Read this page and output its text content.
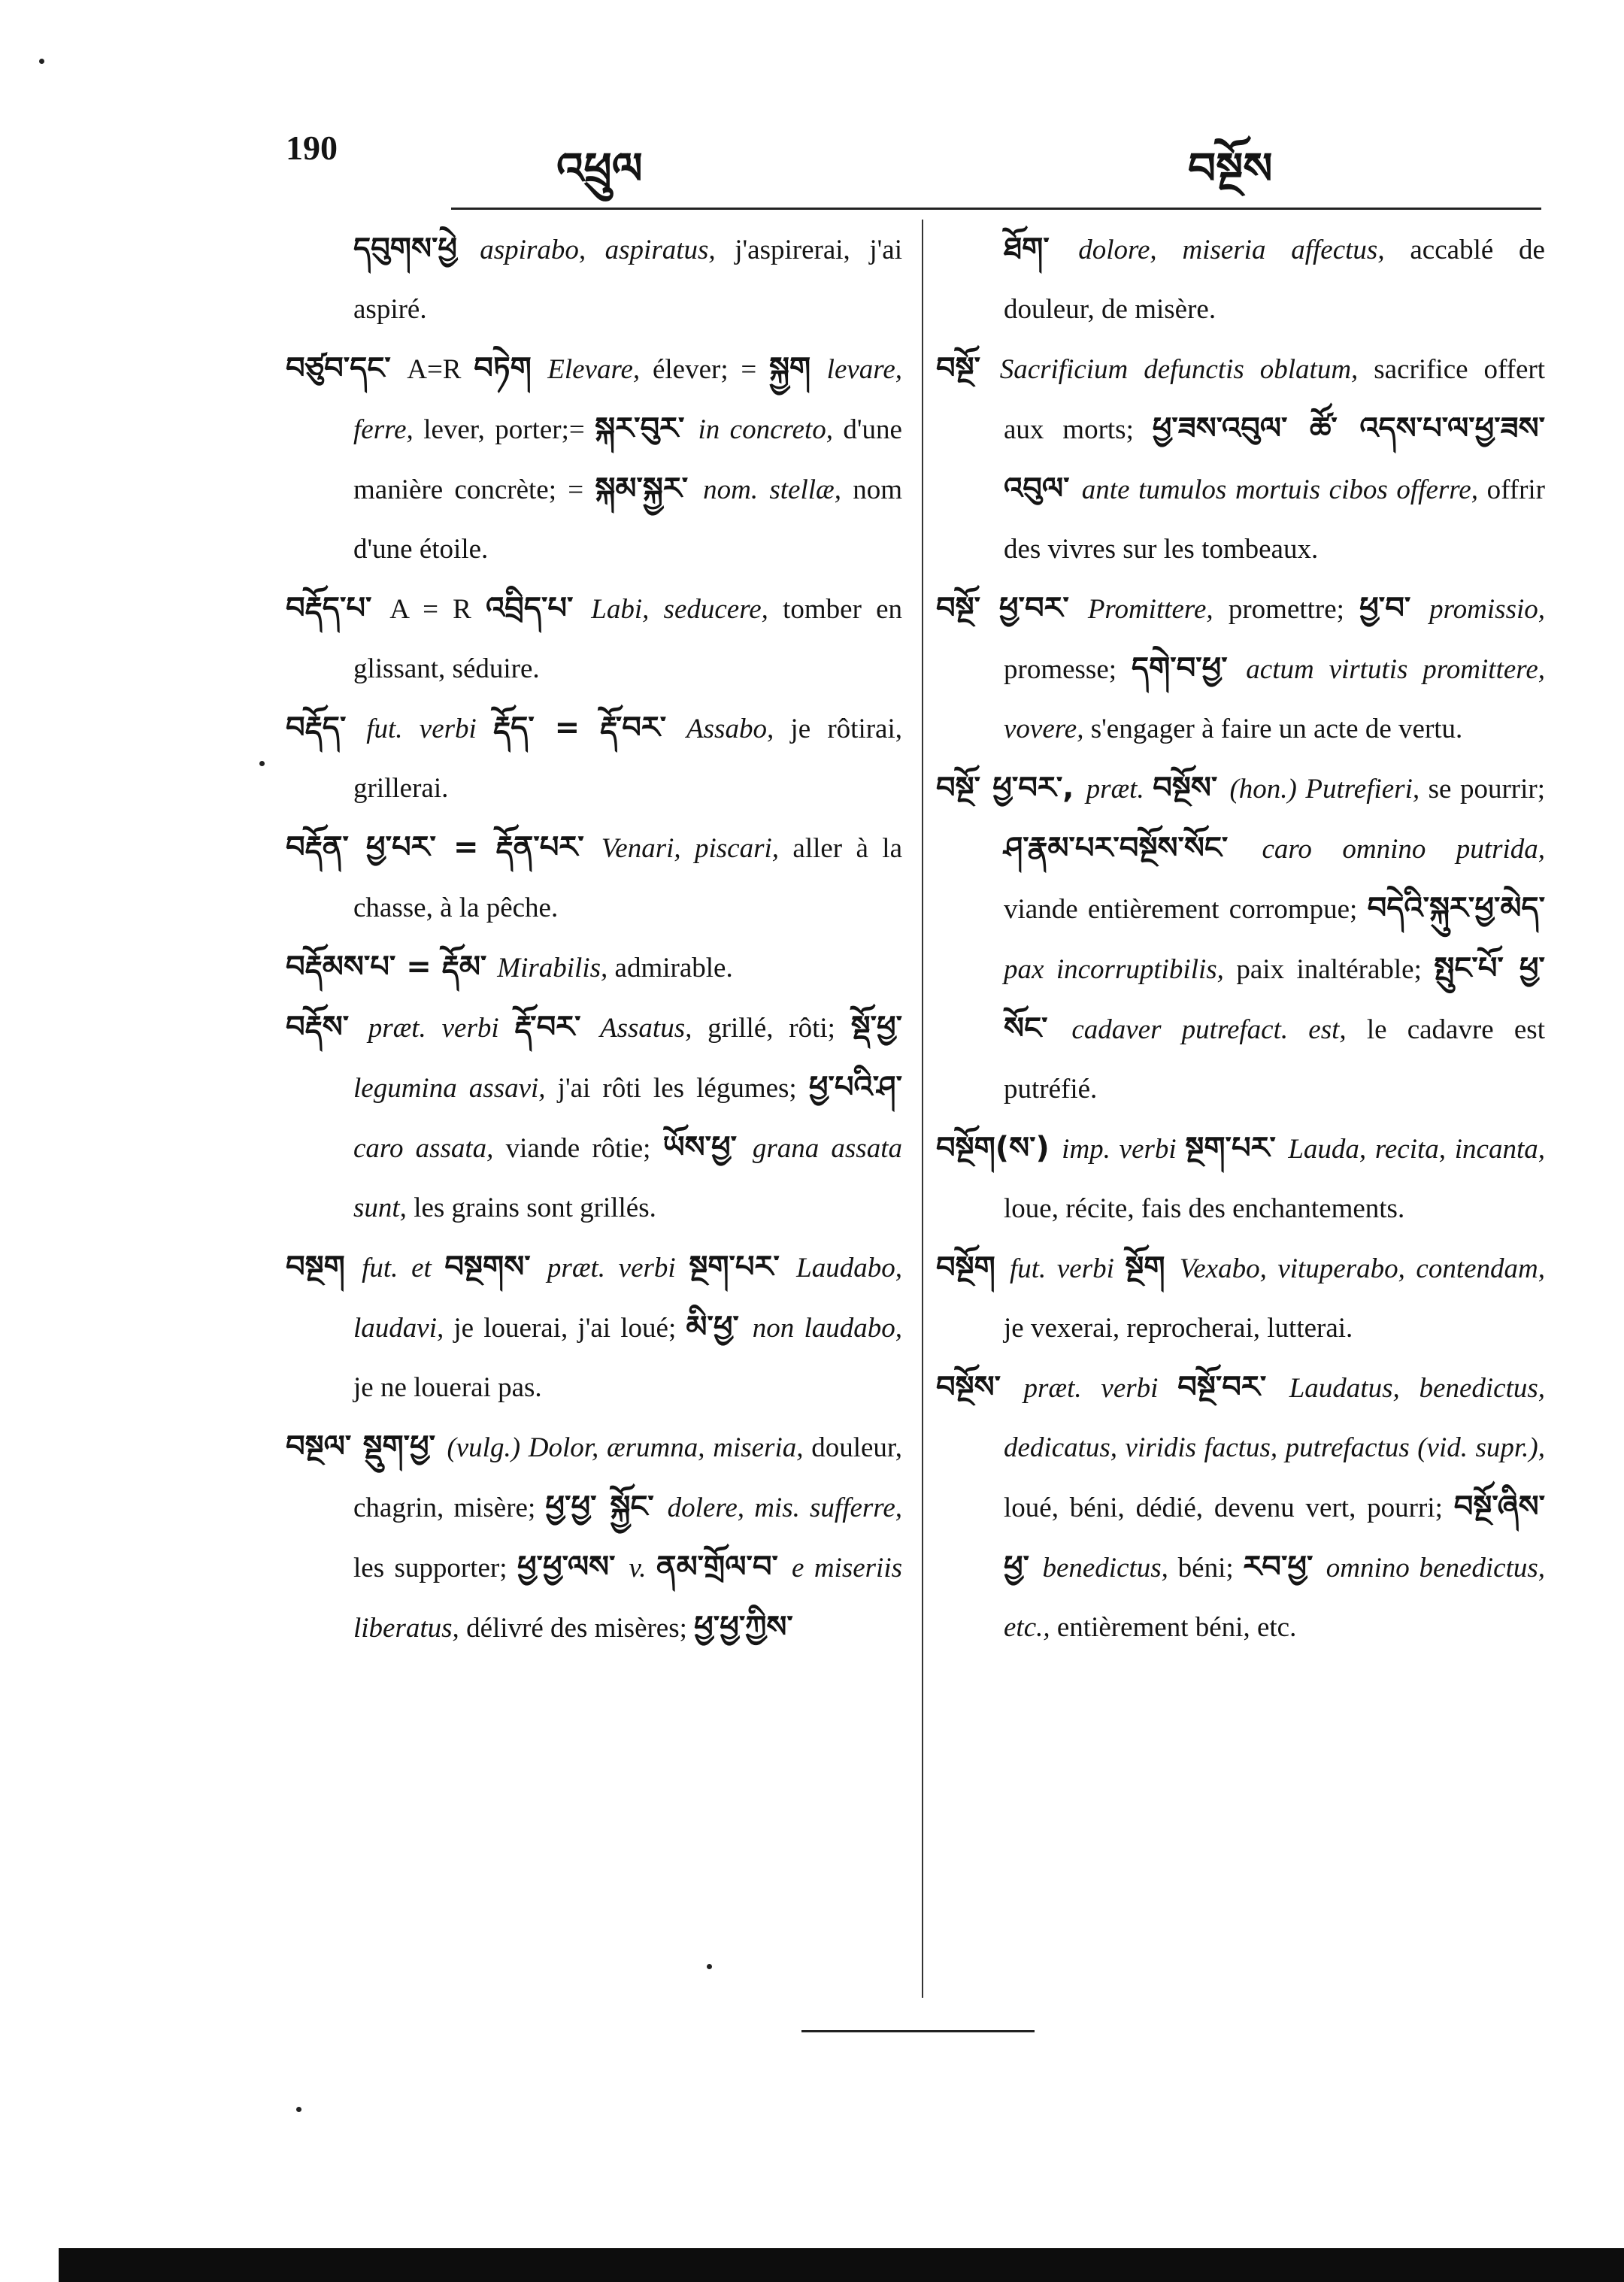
190	འཕྲུལ	བསྔོས

དབུགས་ཕྱེ aspirabo, aspiratus, j'aspirerai, j'ai aspiré.

བཙུབ་དང་ A=R བཏེག Elevare, élever; = སྐྱག levare, ferre, lever, porter;= སྐར་བུར་ in concreto, d'une manière concrète; = སྐམ་སྐྱར་ nom. stellæ, nom d'une étoile.

བརྡོད་པ་ A = R འབྲིད་པ་ Labi, seducere, tomber en glissant, séduire.

བརྡོད་ fut. verbi རྡོད་ = རྡོ་བར་ Assabo, je rôtirai, grillerai.

བརྡོན་ ཕྱ་པར་ = རྡོན་པར་ Venari, piscari, aller à la chasse, à la pêche.

བརྡོམས་པ་ = རྡོམ་ Mirabilis, admirable.

བརྡོས་ præt. verbi རྡོ་བར་ Assatus, grillé, rôti; སྡོ་ཕྱ་ legumina assavi, j'ai rôti les légumes; ཕྱ་པའི་ཤ་ caro assata, viande rôtie; ཡོས་ཕྱ་ grana assata sunt, les grains sont grillés.

བསྔག fut. et བསྔགས་ præt. verbi སྔག་པར་ Laudabo, laudavi, je louerai, j'ai loué; མི་ཕྱ་ non laudabo, je ne louerai pas.

བསྔལ་ སྡུག་ཕྱ་ (vulg.) Dolor, ærumna, miseria, douleur, chagrin, misère; ཕྱ་ཕྱ་ སྐྱོང་ dolere, mis. sufferre, les supporter; ཕྱ་ཕྱ་ལས་ v. ནམ་གྲོལ་བ་ e miseriis liberatus, délivré des misères; ཕྱ་ཕྱ་ཀྱིས་

ཐོག་ dolore, miseria affectus, accablé de douleur, de misère.

བསྔོ་ Sacrificium defunctis oblatum, sacrifice offert aux morts; ཕྱ་ཟས་འབུལ་ ཚོ་ འདས་པ་ལ་ཕྱ་ཟས་འབུལ་ ante tumulos mortuis cibos offerre, offrir des vivres sur les tombeaux.

བསྔོ་ ཕྱ་བར་ Promittere, promettre; ཕྱ་བ་ promissio, promesse; དགེ་བ་ཕྱ་ actum virtutis promittere, vovere, s'engager à faire un acte de vertu.

བསྔོ་ ཕྱ་བར་, præt. བསྔོས་ (hon.) Putrefieri, se pourrir; ཤ་རྣམ་པར་བསྔོས་སོང་ caro omnino putrida, viande entièrement corrompue; བདེའི་སྐུར་ཕྱ་མེད་ pax incorruptibilis, paix inaltérable; སྤུང་པོ་ ཕྱ་སོང་ cadaver putrefact. est, le cadavre est putréfié.

བསྔོག(ས་) imp. verbi སྔག་པར་ Lauda, recita, incanta, loue, récite, fais des enchantements.

བསྔོག fut. verbi སྔོག Vexabo, vituperabo, contendam, je vexerai, reprocherai, lutterai.

བསྔོས་ præt. verbi བསྔོ་བར་ Laudatus, benedictus, dedicatus, viridis factus, putrefactus (vid. supr.), loué, béni, dédié, devenu vert, pourri; བསྔོ་ཞིས་ཕྱ་ benedictus, béni; རབ་ཕྱ་ omnino benedictus, etc., entièrement béni, etc.
